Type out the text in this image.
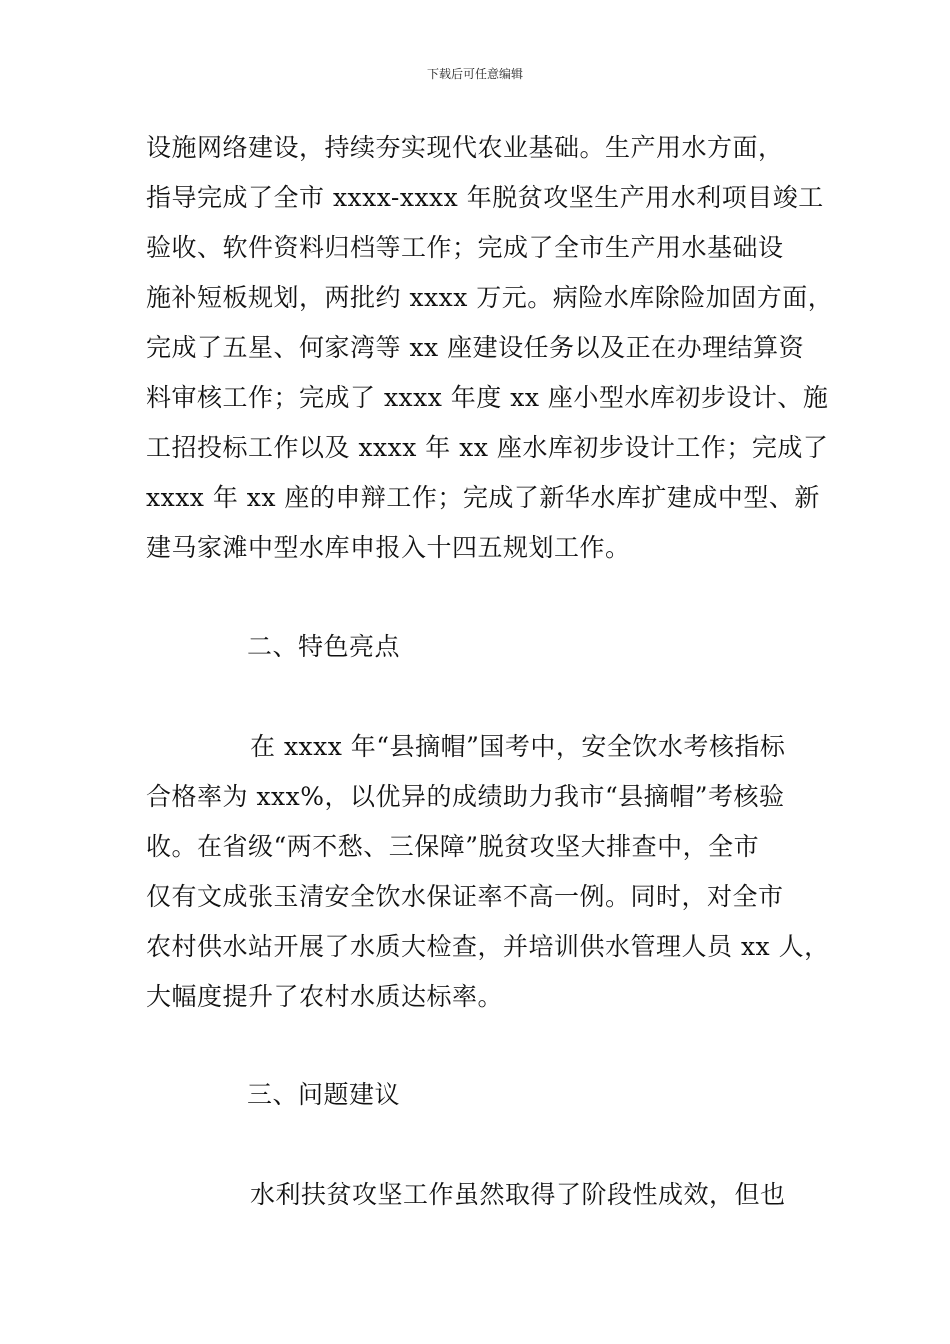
下载后可任意编辑
设施网络建设，持续夯实现代农业基础。生产用水方面，
指导完成了全市 xxxx-xxxx 年脱贫攻坚生产用水利项目竣工
验收、软件资料归档等工作；完成了全市生产用水基础设
施补短板规划，两批约 xxxx 万元。病险水库除险加固方面，
完成了五星、何家湾等 xx 座建设任务以及正在办理结算资
料审核工作；完成了 xxxx 年度 xx 座小型水库初步设计、施
工招投标工作以及 xxxx 年 xx 座水库初步设计工作；完成了
xxxx 年 xx 座的申辩工作；完成了新华水库扩建成中型、新
建马家滩中型水库申报入十四五规划工作。
二、特色亮点
在 xxxx 年“县摘帽”国考中，安全饮水考核指标
合格率为 xxx%，以优异的成绩助力我市“县摘帽”考核验
收。在省级“两不愁、三保障”脱贫攻坚大排查中，全市
仅有文成张玉清安全饮水保证率不高一例。同时，对全市
农村供水站开展了水质大检查，并培训供水管理人员 xx 人，
大幅度提升了农村水质达标率。
三、问题建议
水利扶贫攻坚工作虽然取得了阶段性成效，但也
